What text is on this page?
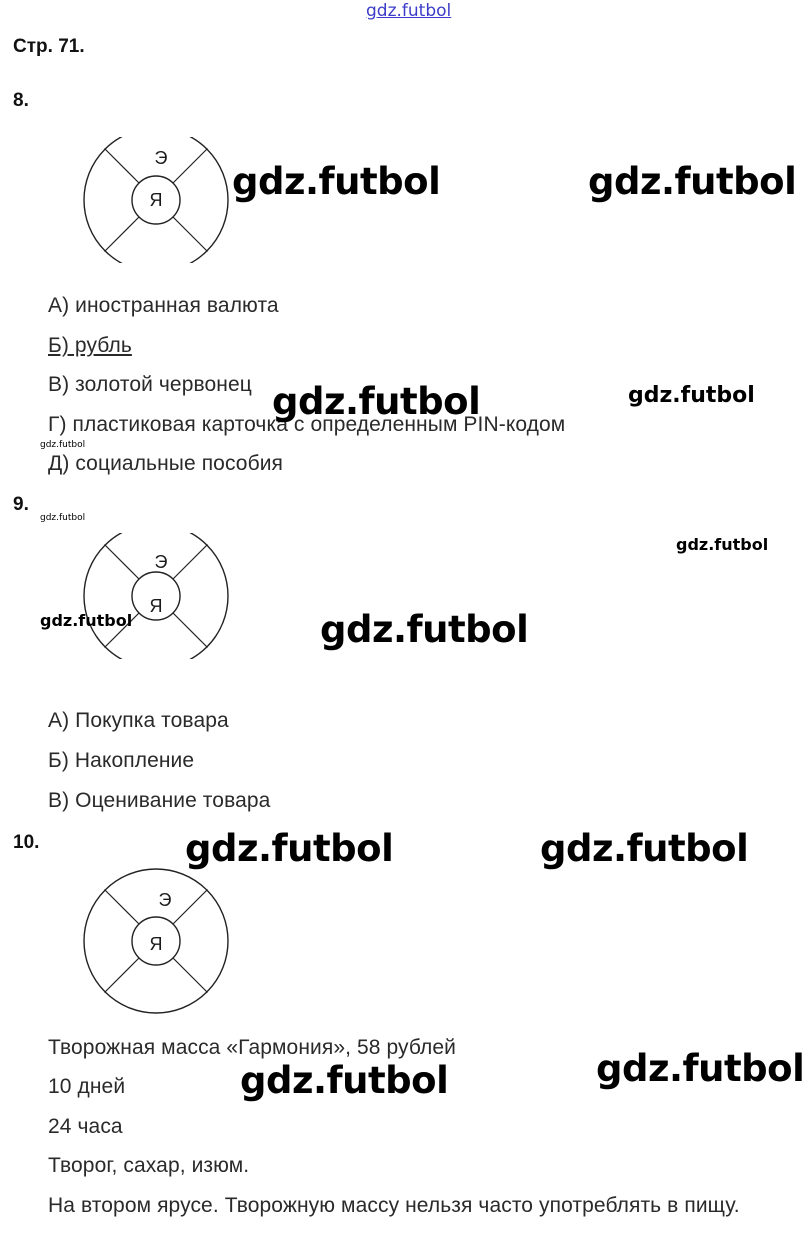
gdz.futbol
Стр. 71.
8.
Э
Я gdz.futbol	gdz.futbol
А) иностранная валюта
Б) рубль
В) золотой червонец
Г) пластиковая карточка с определенным PIN-кодом
Д) социальные пособия
gdz.futbol	gdz.futbol
gdz.futbol
9.
gdz.futbol
gdz.futbol
Э
Я
gdz.futbol	gdz.futbol
А) Покупка товара
Б) Накопление
В) Оценивание товара
10.	gdz.futbol	gdz.futbol
Э
Я
Творожная масса «Гармония», 58 рублей
10 дней
24 часа
Творог, сахар, изюм.
На втором ярусе. Творожную массу нельзя часто употреблять в пищу.
gdz.futbol
gdz.futbol
